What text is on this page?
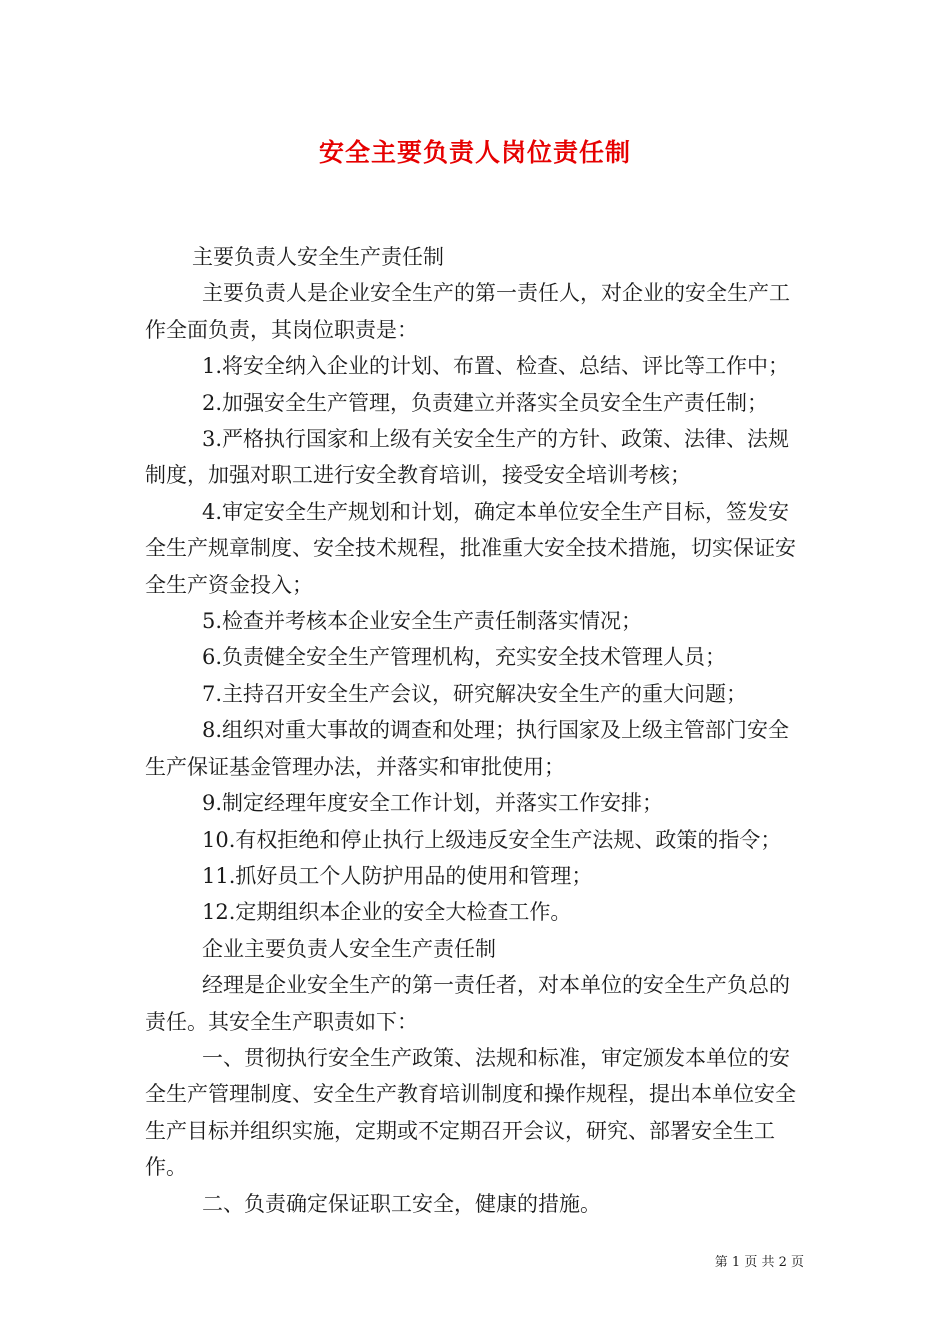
安全主要负责人岗位责任制

主要负责人安全生产责任制

主要负责人是企业安全生产的第一责任人，对企业的安全生产工作全面负责，其岗位职责是：

1.将安全纳入企业的计划、布置、检查、总结、评比等工作中；

2.加强安全生产管理，负责建立并落实全员安全生产责任制；

3.严格执行国家和上级有关安全生产的方针、政策、法律、法规制度，加强对职工进行安全教育培训，接受安全培训考核；

4.审定安全生产规划和计划，确定本单位安全生产目标，签发安全生产规章制度、安全技术规程，批准重大安全技术措施，切实保证安全生产资金投入；

5.检查并考核本企业安全生产责任制落实情况；

6.负责健全安全生产管理机构，充实安全技术管理人员；

7.主持召开安全生产会议，研究解决安全生产的重大问题；

8.组织对重大事故的调查和处理；执行国家及上级主管部门安全生产保证基金管理办法，并落实和审批使用；

9.制定经理年度安全工作计划，并落实工作安排；

10.有权拒绝和停止执行上级违反安全生产法规、政策的指令；

11.抓好员工个人防护用品的使用和管理；

12.定期组织本企业的安全大检查工作。

企业主要负责人安全生产责任制

经理是企业安全生产的第一责任者，对本单位的安全生产负总的责任。其安全生产职责如下：

一、贯彻执行安全生产政策、法规和标准，审定颁发本单位的安全生产管理制度、安全生产教育培训制度和操作规程，提出本单位安全生产目标并组织实施，定期或不定期召开会议，研究、部署安全生工作。

二、负责确定保证职工安全，健康的措施。

第 1 页 共 2 页
